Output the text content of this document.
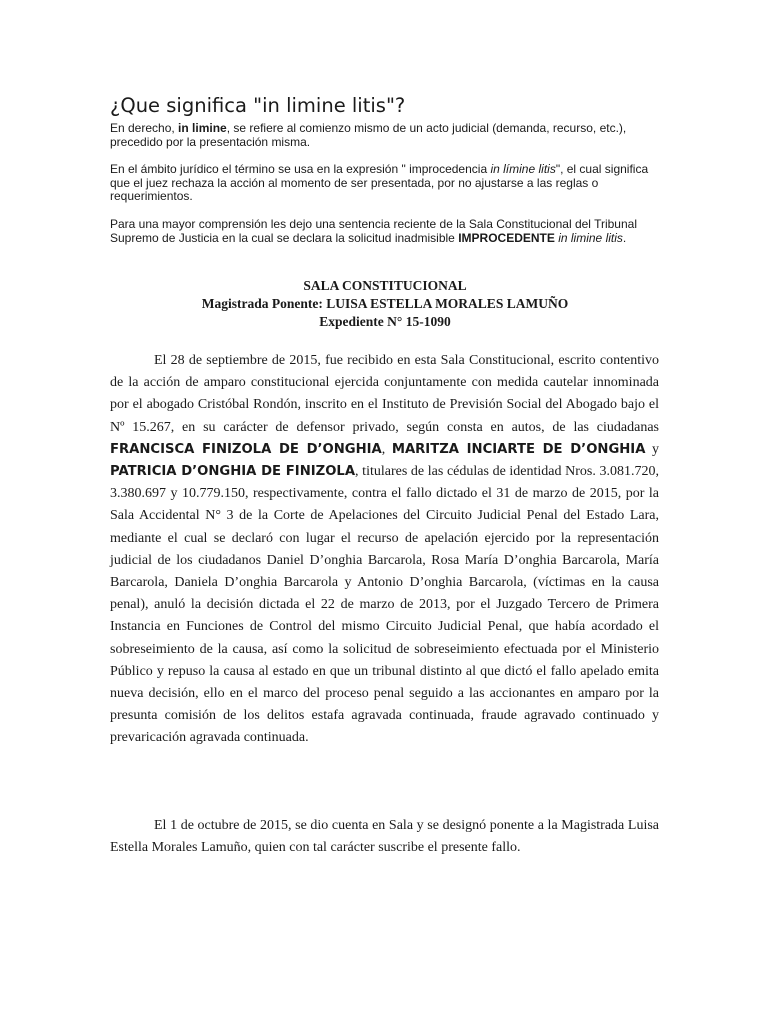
¿Que significa "in limine litis"?
En derecho, in limine, se refiere al comienzo mismo de un acto judicial (demanda, recurso, etc.), precedido por la presentación misma.
En el ámbito jurídico el término se usa en la expresión " improcedencia in límine litis", el cual significa que el juez rechaza la acción al momento de ser presentada, por no ajustarse a las reglas o requerimientos.
Para una mayor comprensión les dejo una sentencia reciente de la Sala Constitucional del Tribunal Supremo de Justicia en la cual se declara la solicitud inadmisible IMPROCEDENTE in limine litis.
SALA CONSTITUCIONAL
Magistrada Ponente: LUISA ESTELLA MORALES LAMUÑO
Expediente N° 15-1090
El 28 de septiembre de 2015, fue recibido en esta Sala Constitucional, escrito contentivo de la acción de amparo constitucional ejercida conjuntamente con medida cautelar innominada por el abogado Cristóbal Rondón, inscrito en el Instituto de Previsión Social del Abogado bajo el Nº 15.267, en su carácter de defensor privado, según consta en autos, de las ciudadanas FRANCISCA FINIZOLA DE D’ONGHIA, MARITZA INCIARTE DE D’ONGHIA y PATRICIA D’ONGHIA DE FINIZOLA, titulares de las cédulas de identidad Nros. 3.081.720, 3.380.697 y 10.779.150, respectivamente, contra el fallo dictado el 31 de marzo de 2015, por la Sala Accidental N° 3 de la Corte de Apelaciones del Circuito Judicial Penal del Estado Lara, mediante el cual se declaró con lugar el recurso de apelación ejercido por la representación judicial de los ciudadanos Daniel D’onghia Barcarola, Rosa María D’onghia Barcarola, María Barcarola, Daniela D’onghia Barcarola y Antonio D’onghia Barcarola, (víctimas en la causa penal), anuló la decisión dictada el 22 de marzo de 2013, por el Juzgado Tercero de Primera Instancia en Funciones de Control del mismo Circuito Judicial Penal, que había acordado el sobreseimiento de la causa, así como la solicitud de sobreseimiento efectuada por el Ministerio Público y repuso la causa al estado en que un tribunal distinto al que dictó el fallo apelado emita nueva decisión, ello en el marco del proceso penal seguido a las accionantes en amparo por la presunta comisión de los delitos estafa agravada continuada, fraude agravado continuado y prevaricación agravada continuada.
El 1 de octubre de 2015, se dio cuenta en Sala y se designó ponente a la Magistrada Luisa Estella Morales Lamuño, quien con tal carácter suscribe el presente fallo.
